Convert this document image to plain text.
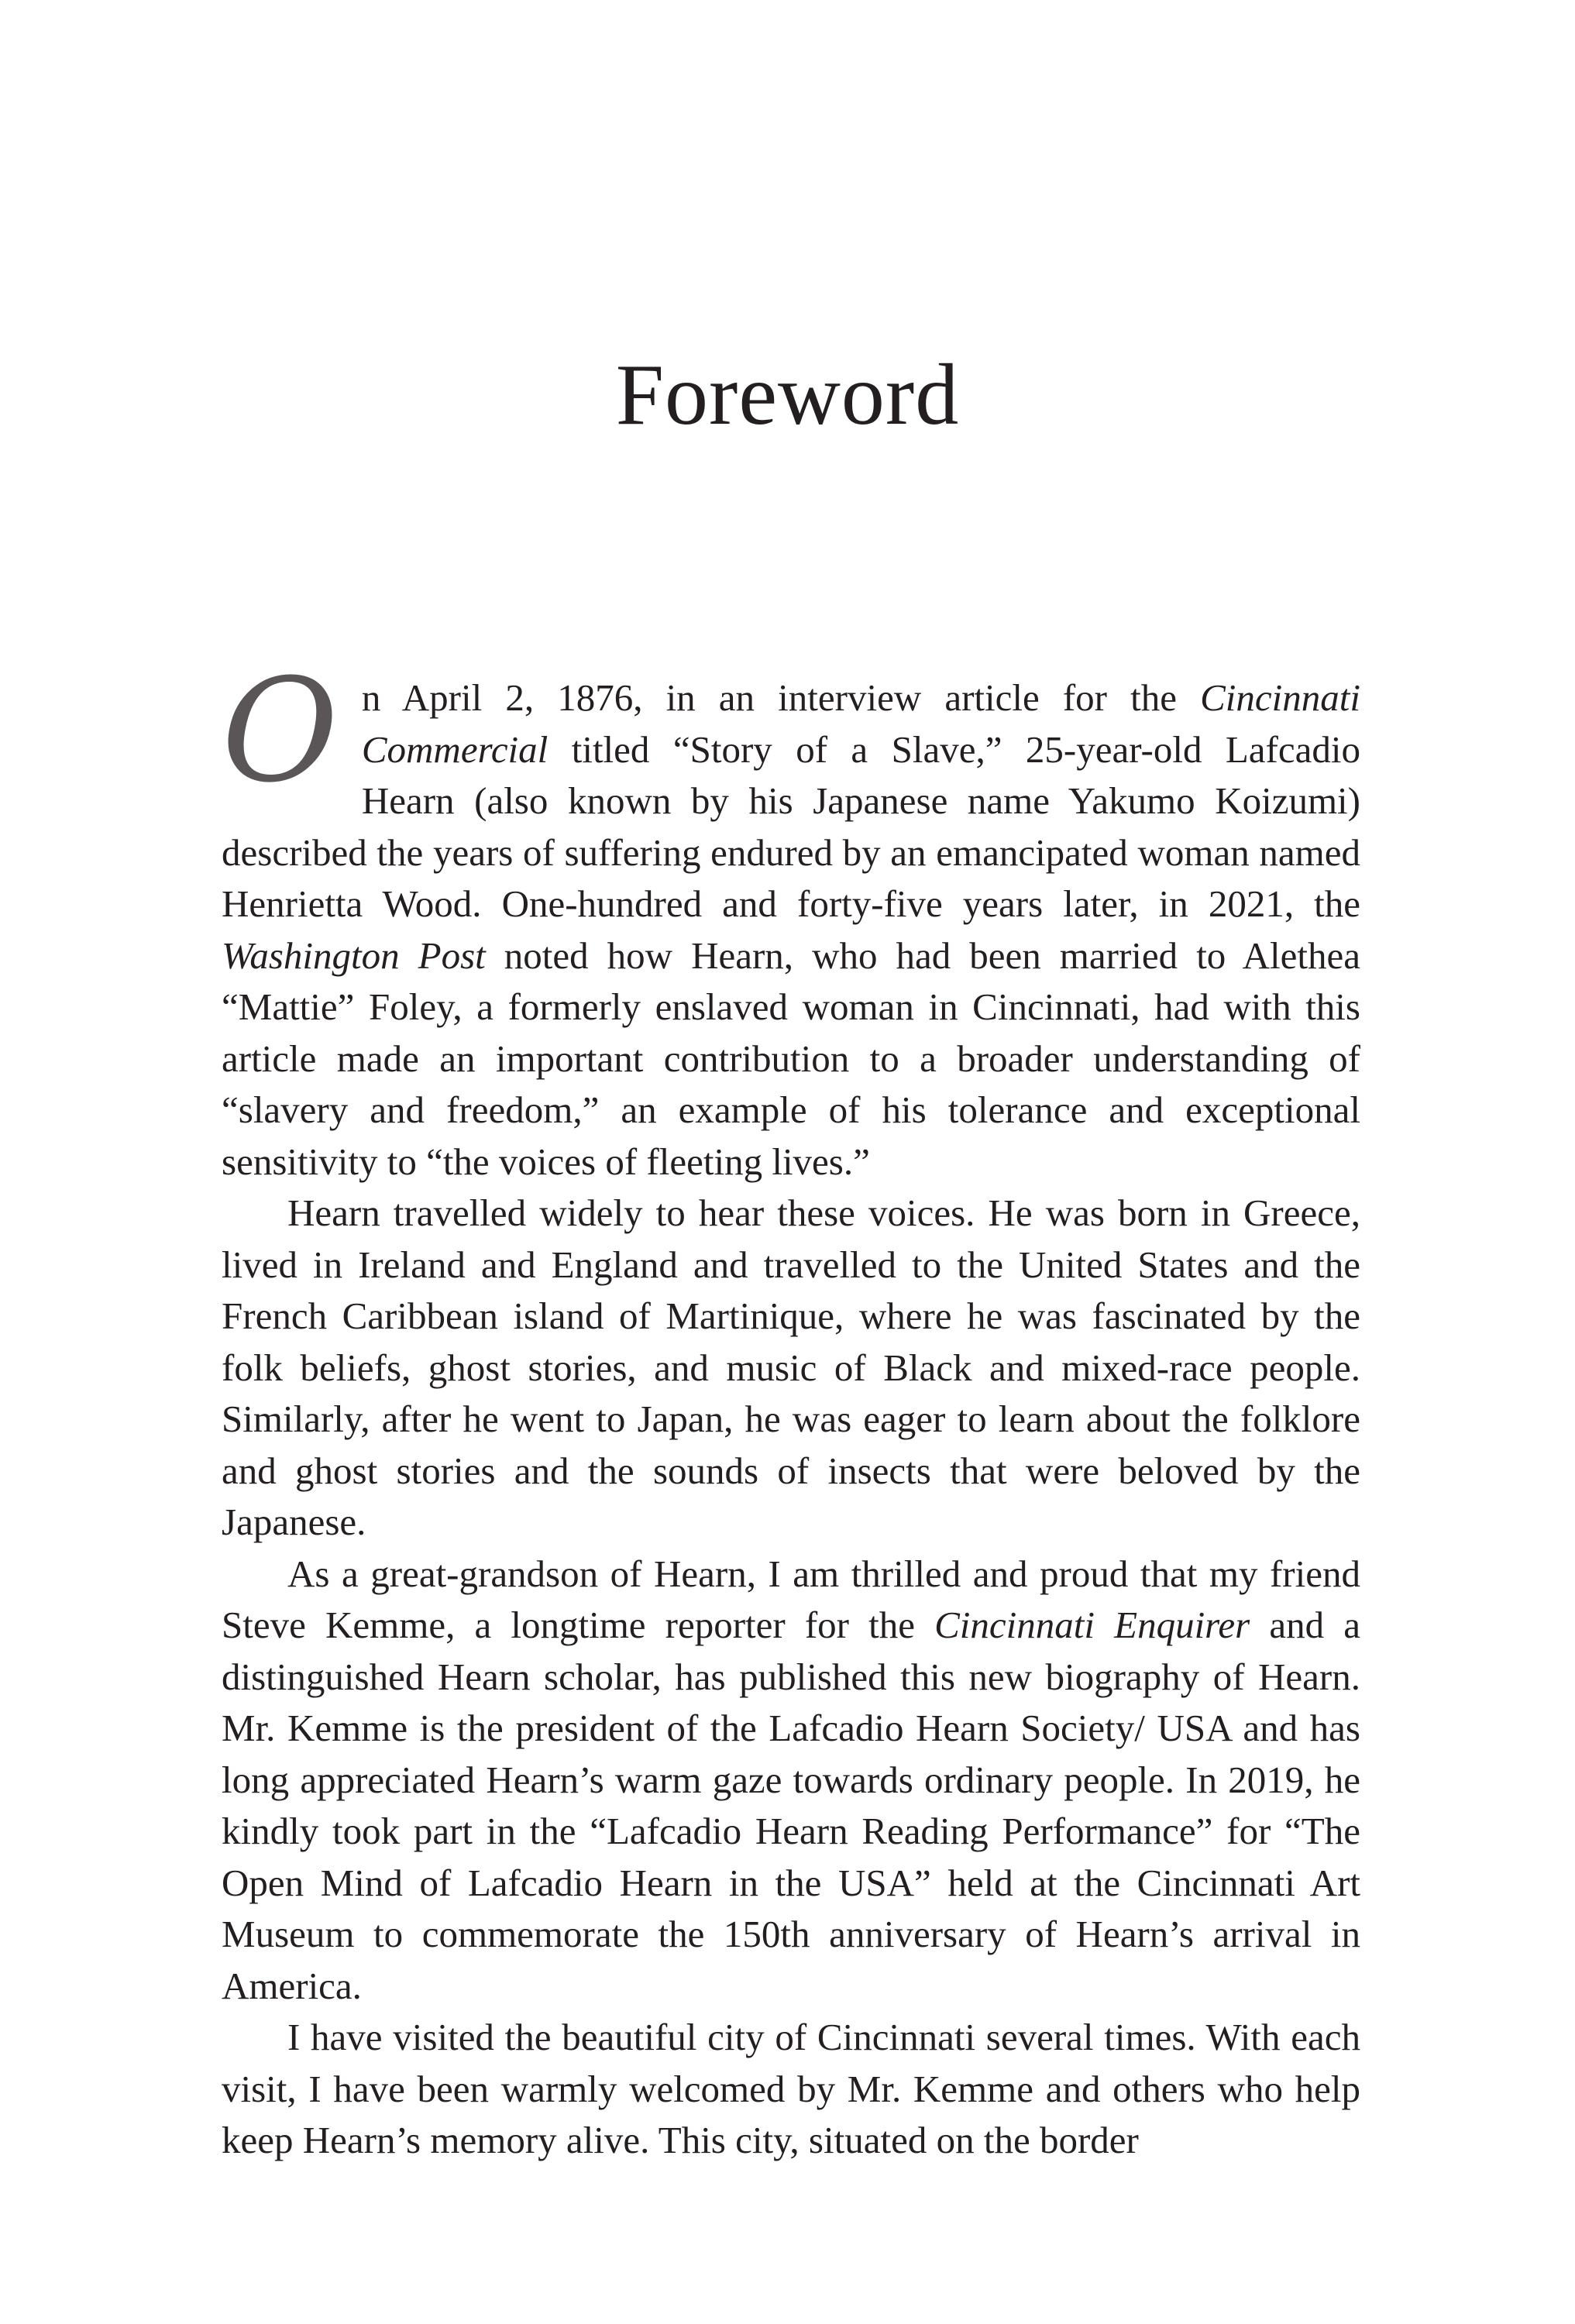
Foreword

On April 2, 1876, in an interview article for the Cincinnati Commercial titled “Story of a Slave,” 25-year-old Lafcadio Hearn (also known by his Japanese name Yakumo Koizumi) described the years of suffering endured by an emancipated woman named Henrietta Wood. One-hundred and forty-five years later, in 2021, the Washington Post noted how Hearn, who had been married to Alethea “Mattie” Foley, a formerly enslaved woman in Cincinnati, had with this article made an important contribution to a broader understanding of “slavery and freedom,” an example of his tolerance and exceptional sensitivity to “the voices of fleeting lives.”

Hearn travelled widely to hear these voices. He was born in Greece, lived in Ireland and England and travelled to the United States and the French Caribbean island of Martinique, where he was fascinated by the folk beliefs, ghost stories, and music of Black and mixed-race people. Similarly, after he went to Japan, he was eager to learn about the folklore and ghost stories and the sounds of insects that were beloved by the Japanese.

As a great-grandson of Hearn, I am thrilled and proud that my friend Steve Kemme, a longtime reporter for the Cincinnati Enquirer and a distinguished Hearn scholar, has published this new biography of Hearn. Mr. Kemme is the president of the Lafcadio Hearn Society/ USA and has long appreciated Hearn’s warm gaze towards ordinary people. In 2019, he kindly took part in the “Lafcadio Hearn Reading Performance” for “The Open Mind of Lafcadio Hearn in the USA” held at the Cincinnati Art Museum to commemorate the 150th anniversary of Hearn’s arrival in America.

I have visited the beautiful city of Cincinnati several times. With each visit, I have been warmly welcomed by Mr. Kemme and others who help keep Hearn’s memory alive. This city, situated on the border
